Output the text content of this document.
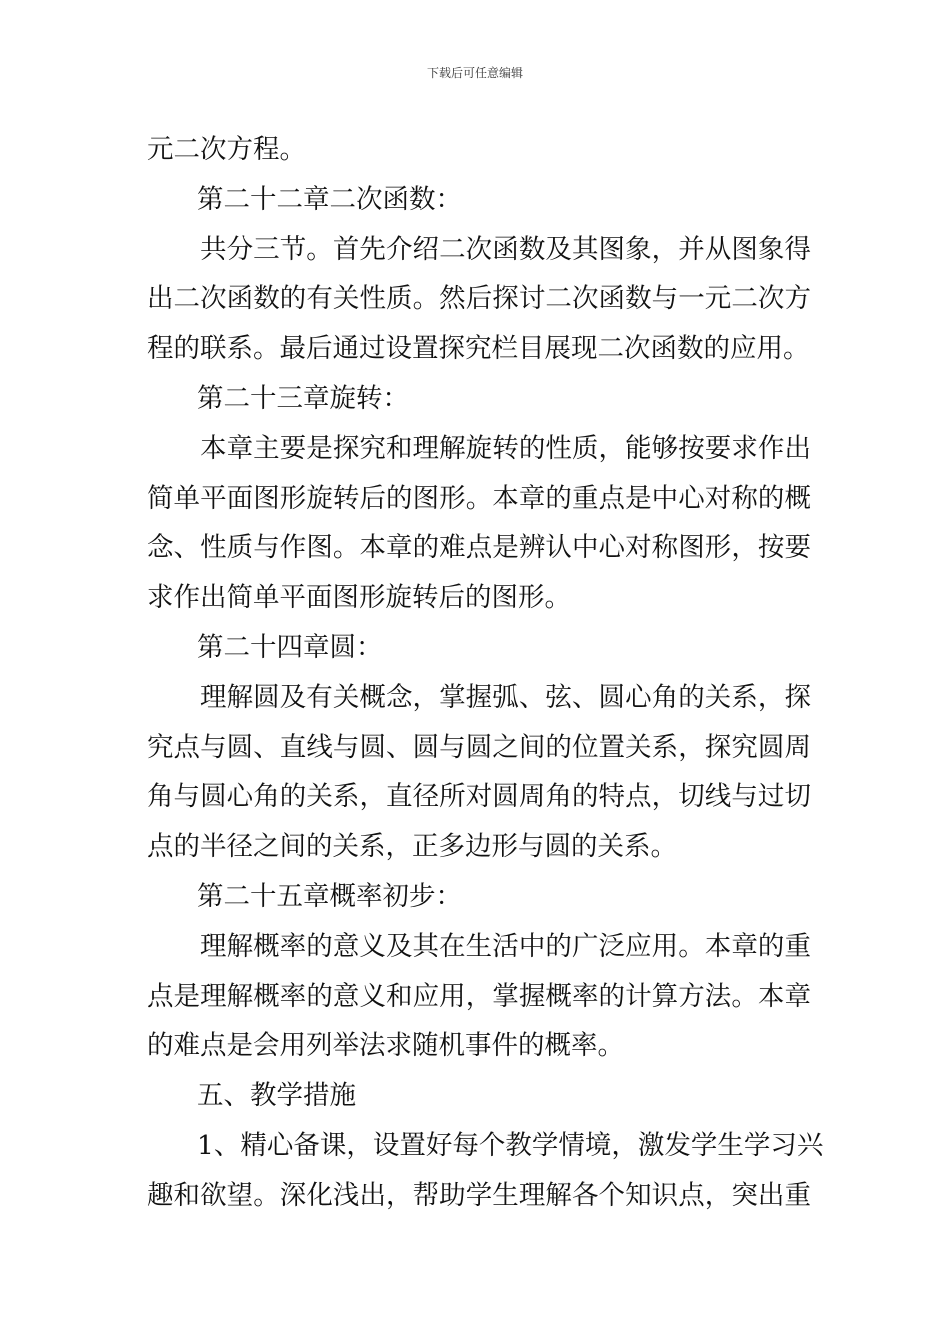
下载后可任意编辑
元二次方程。
第二十二章二次函数：
共分三节。首先介绍二次函数及其图象，并从图象得
出二次函数的有关性质。然后探讨二次函数与一元二次方
程的联系。最后通过设置探究栏目展现二次函数的应用。
第二十三章旋转：
本章主要是探究和理解旋转的性质，能够按要求作出
简单平面图形旋转后的图形。本章的重点是中心对称的概
念、性质与作图。本章的难点是辨认中心对称图形，按要
求作出简单平面图形旋转后的图形。
第二十四章圆：
理解圆及有关概念，掌握弧、弦、圆心角的关系，探
究点与圆、直线与圆、圆与圆之间的位置关系，探究圆周
角与圆心角的关系，直径所对圆周角的特点，切线与过切
点的半径之间的关系，正多边形与圆的关系。
第二十五章概率初步：
理解概率的意义及其在生活中的广泛应用。本章的重
点是理解概率的意义和应用，掌握概率的计算方法。本章
的难点是会用列举法求随机事件的概率。
五、教学措施
1、精心备课，设置好每个教学情境，激发学生学习兴
趣和欲望。深化浅出，帮助学生理解各个知识点，突出重
